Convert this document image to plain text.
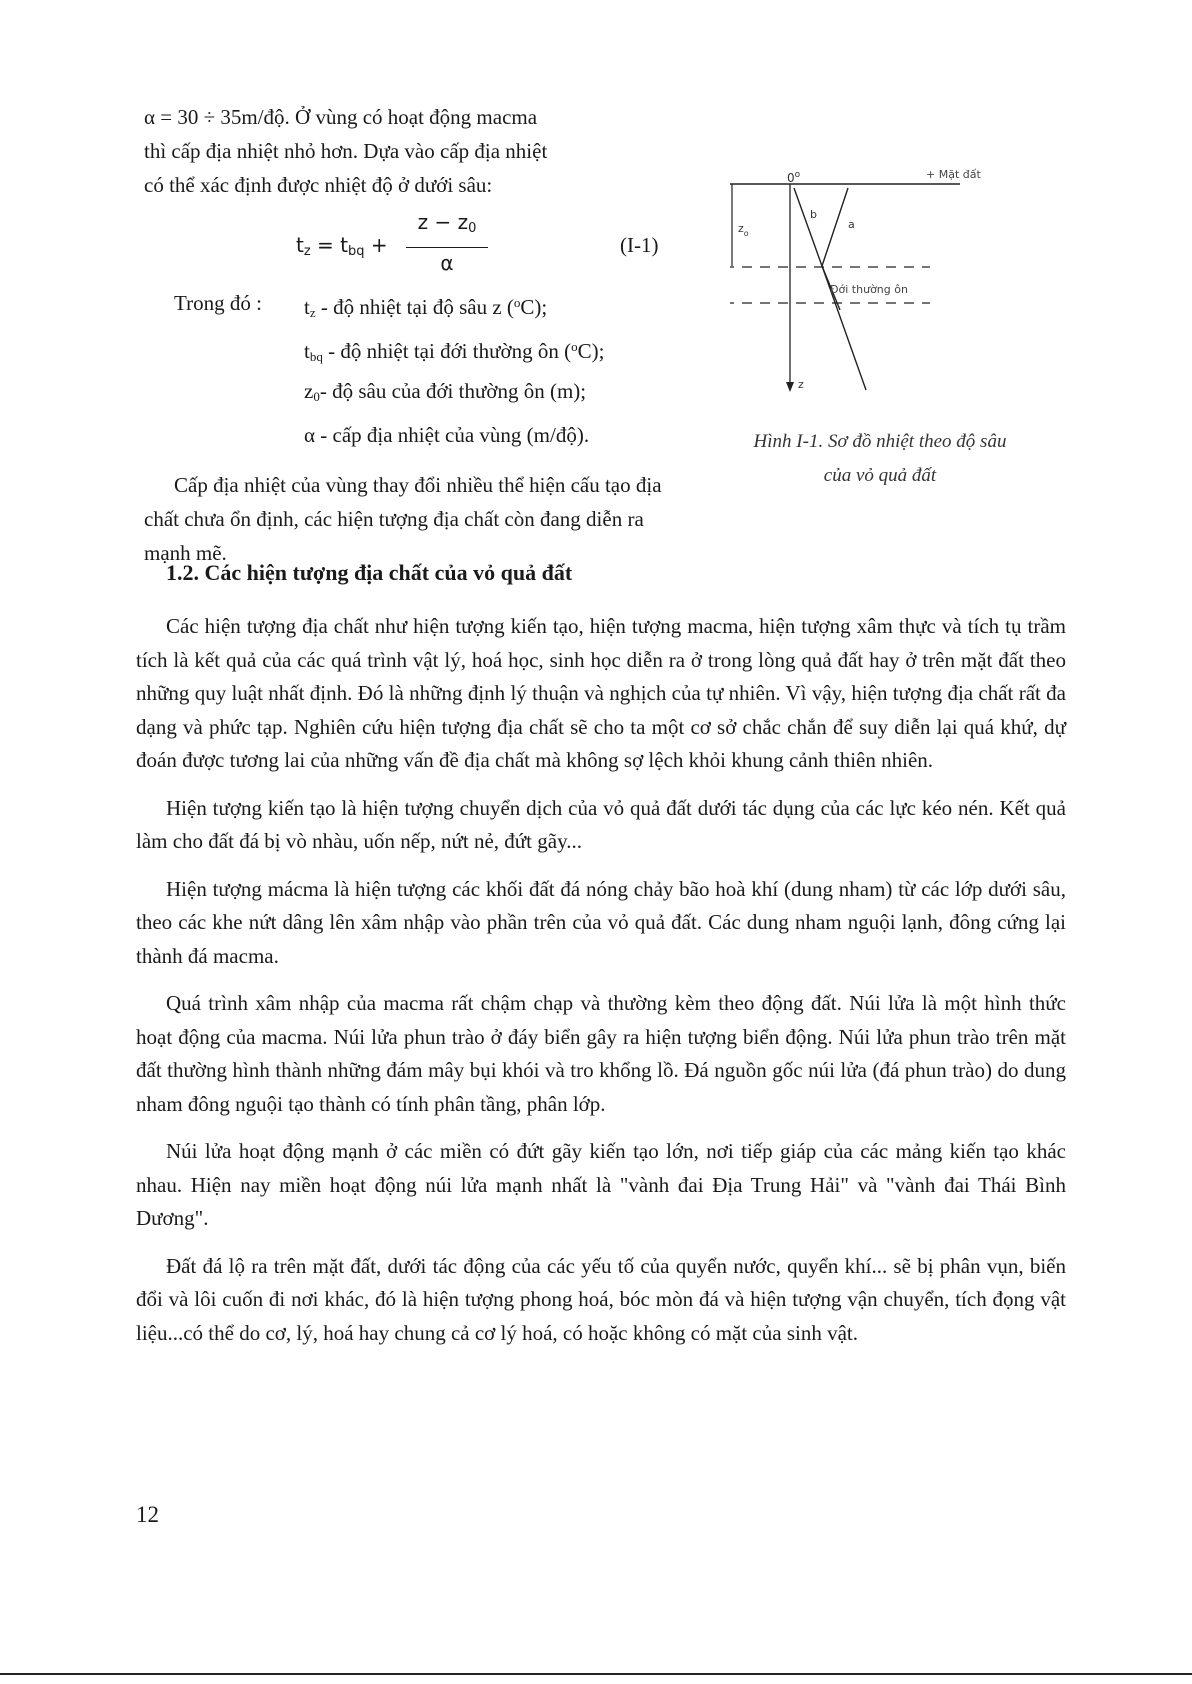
α = 30 ÷ 35m/độ. Ở vùng có hoạt động macma

thì cấp địa nhiệt nhỏ hơn. Dựa vào cấp địa nhiệt

có thể xác định được nhiệt độ ở dưới sâu:

$t_z = t_{bq} + \frac{z - z_0}{\alpha}$	(I-1)
Trong đó : $t_z$ - độ nhiệt tại độ sâu z ($^o$C);
$t_{bq}$ - độ nhiệt tại đới thường ôn ($^o$C);
$z_0-$ độ sâu của đới thường ôn (m);
α - cấp địa nhiệt của vùng (m/độ).

Cấp địa nhiệt của vùng thay đổi nhiều thể hiện cấu tạo địa chất chưa ổn định, các hiện tượng địa chất còn đang diễn ra mạnh mẽ.

$0^o$	+ Mặt đất
$z_o$
b
a
Đới thường ôn
z
Hình I-1. Sơ đồ nhiệt theo độ sâu
của vỏ quả đất
1.2. Các hiện tượng địa chất của vỏ quả đất

Các hiện tượng địa chất như hiện tượng kiến tạo, hiện tượng macma, hiện tượng xâm thực và tích tụ trầm tích là kết quả của các quá trình vật lý, hoá học, sinh học diễn ra ở trong lòng quả đất hay ở trên mặt đất theo những quy luật nhất định. Đó là những định lý thuận và nghịch của tự nhiên. Vì vậy, hiện tượng địa chất rất đa dạng và phức tạp. Nghiên cứu hiện tượng địa chất sẽ cho ta một cơ sở chắc chắn để suy diễn lại quá khứ, dự đoán được tương lai của những vấn đề địa chất mà không sợ lệch khỏi khung cảnh thiên nhiên.

Hiện tượng kiến tạo là hiện tượng chuyển dịch của vỏ quả đất dưới tác dụng của các lực kéo nén. Kết quả làm cho đất đá bị vò nhàu, uốn nếp, nứt nẻ, đứt gãy...

Hiện tượng mácma là hiện tượng các khối đất đá nóng chảy bão hoà khí (dung nham) từ các lớp dưới sâu, theo các khe nứt dâng lên xâm nhập vào phần trên của vỏ quả đất. Các dung nham nguội lạnh, đông cứng lại thành đá macma.

Quá trình xâm nhập của macma rất chậm chạp và thường kèm theo động đất. Núi lửa là một hình thức hoạt động của macma. Núi lửa phun trào ở đáy biển gây ra hiện tượng biển động. Núi lửa phun trào trên mặt đất thường hình thành những đám mây bụi khói và tro khổng lồ. Đá nguồn gốc núi lửa (đá phun trào) do dung nham đông nguội tạo thành có tính phân tầng, phân lớp.

Núi lửa hoạt động mạnh ở các miền có đứt gãy kiến tạo lớn, nơi tiếp giáp của các mảng kiến tạo khác nhau. Hiện nay miền hoạt động núi lửa mạnh nhất là "vành đai Địa Trung Hải" và "vành đai Thái Bình Dương".

Đất đá lộ ra trên mặt đất, dưới tác động của các yếu tố của quyển nước, quyển khí... sẽ bị phân vụn, biến đổi và lôi cuốn đi nơi khác, đó là hiện tượng phong hoá, bóc mòn đá và hiện tượng vận chuyển, tích đọng vật liệu...có thể do cơ, lý, hoá hay chung cả cơ lý hoá, có hoặc không có mặt của sinh vật.

12
